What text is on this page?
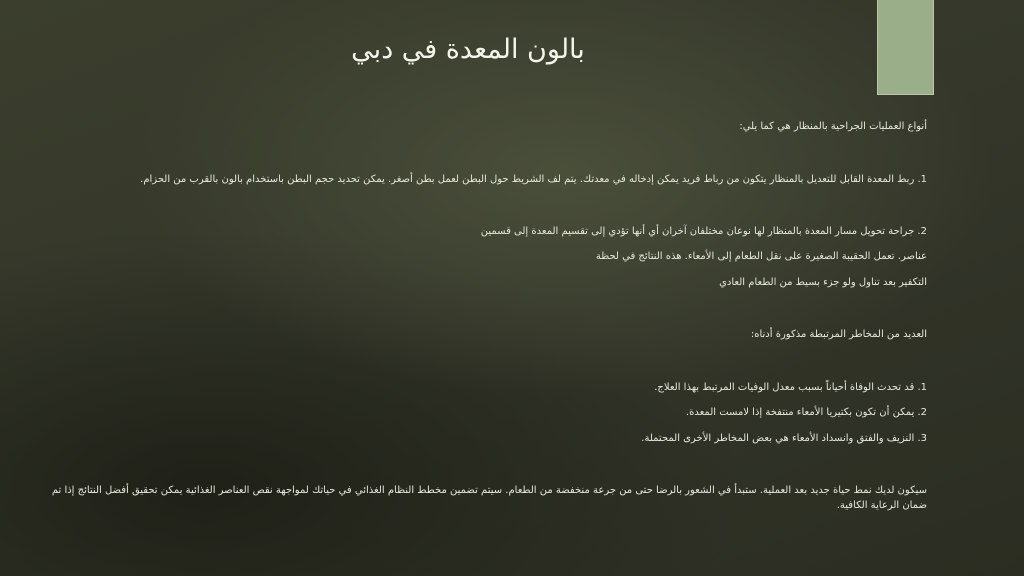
بالون المعدة في دبي
أنواع العمليات الجراحية بالمنظار هي كما يلي:
1. ربط المعدة القابل للتعديل بالمنظار يتكون من رباط فريد يمكن إدخاله في معدتك. يتم لف الشريط حول البطن لعمل بطن أصغر. يمكن تحديد حجم البطن باستخدام بالون بالقرب من الحزام.
2. جراحة تحويل مسار المعدة بالمنظار لها نوعان مختلفان آخران أي أنها تؤدي إلى تقسيم المعدة إلى قسمين
عناصر. تعمل الحقيبة الصغيرة على نقل الطعام إلى الأمعاء. هذه النتائج في لحظة
التكفير بعد تناول ولو جزء بسيط من الطعام العادي
العديد من المخاطر المرتبطة مذكورة أدناه:
1. قد تحدث الوفاة أحياناً بسبب معدل الوفيات المرتبط بهذا العلاج.
2. يمكن أن تكون بكتيريا الأمعاء منتفخة إذا لامست المعدة.
3. النزيف والفتق وانسداد الأمعاء هي بعض المخاطر الأخرى المحتملة.
سيكون لديك نمط حياة جديد بعد العملية. ستبدأ في الشعور بالرضا حتى من جرعة منخفضة من الطعام. سيتم تضمين مخطط النظام الغذائي في حياتك لمواجهة نقص العناصر الغذائية يمكن تحقيق أفضل النتائج إذا تم ضمان الرعاية الكافية.
